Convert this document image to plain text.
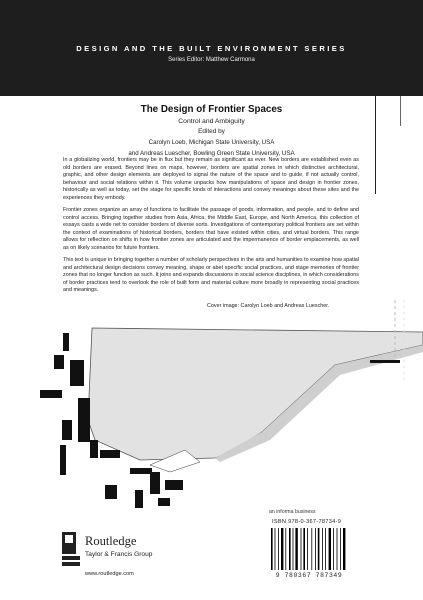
DESIGN AND THE BUILT ENVIRONMENT SERIES
Series Editor: Matthew Carmona
The Design of Frontier Spaces
Control and Ambiguity
Edited by
Carolyn Loeb, Michigan State University, USA
and Andreas Luescher, Bowling Green State University, USA

In a globalizing world, frontiers may be in flux but they remain as significant as ever. New borders are established even as old borders are erased. Beyond lines on maps, however, borders are spatial zones in which distinctive architectural, graphic, and other design elements are deployed to signal the nature of the space and to guide, if not actually control, behaviour and social relations within it. This volume unpacks how manipulations of space and design in frontier zones, historically as well as today, set the stage for specific kinds of interactions and convey meanings about these sites and the experiences they embody.

Frontier zones organize an array of functions to facilitate the passage of goods, information, and people, and to define and control access. Bringing together studies from Asia, Africa, the Middle East, Europe, and North America, this collection of essays casts a wide net to consider borders of diverse sorts. Investigations of contemporary political frontiers are set within the context of examinations of historical borders, borders that have existed within cities, and virtual borders. This range allows for reflection on shifts in how frontier zones are articulated and the impermanence of border emplacements, as well as on likely scenarios for future frontiers.

This text is unique in bringing together a number of scholarly perspectives in the arts and humanities to examine how spatial and architectural design decisions convey meaning, shape or abet specific social practices, and stage memories of frontier zones that no longer function as such. It joins and expands discussions in social science disciplines, in which considerations of border practices tend to overlook the role of built form and material culture more broadly in representing social practices and meanings.

Cover image: Carolyn Loeb and Andreas Luescher.
Routledge
Taylor & Francis Group
www.routledge.com
an informa business
ISBN 978-0-367-78734-9
9 780367 787349
